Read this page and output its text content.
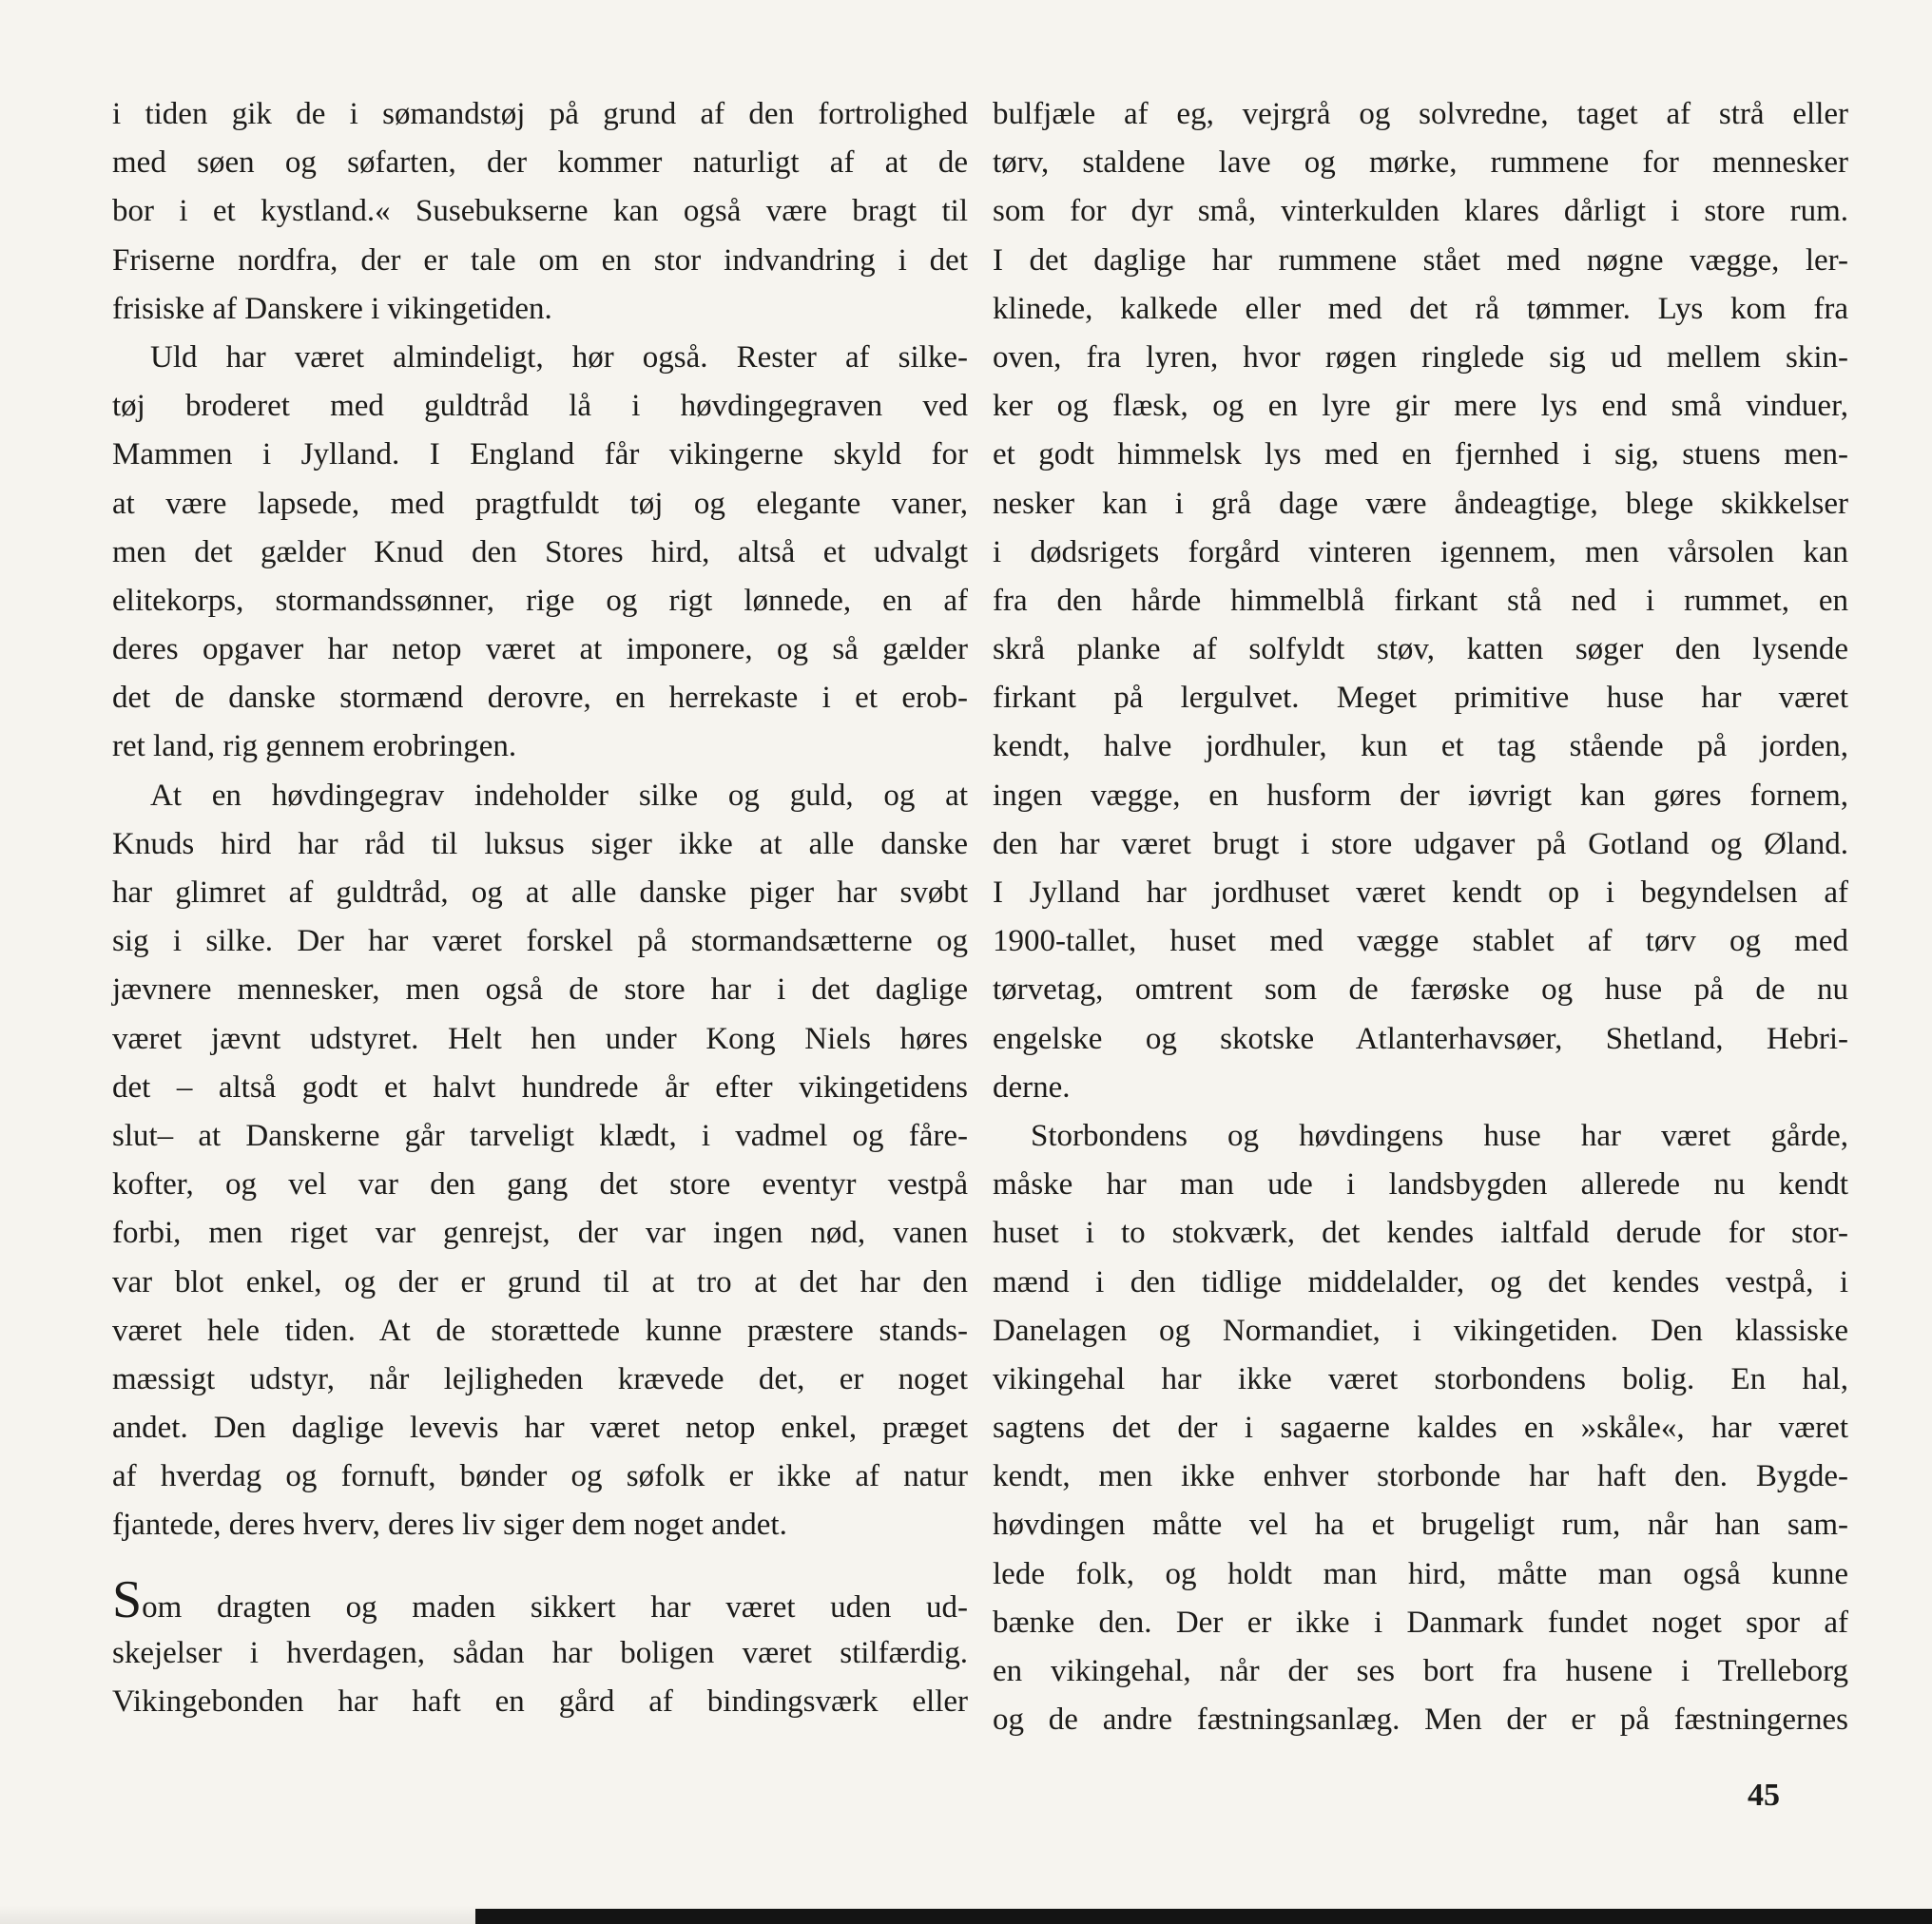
i tiden gik de i sømandstøj på grund af den fortrolighed
med søen og søfarten, der kommer naturligt af at de
bor i et kystland.« Susebukserne kan også være bragt til
Friserne nordfra, der er tale om en stor indvandring i det
frisiske af Danskere i vikingetiden.
Uld har været almindeligt, hør også. Rester af silke-
tøj broderet med guldtråd lå i høvdingegraven ved
Mammen i Jylland. I England får vikingerne skyld for
at være lapsede, med pragtfuldt tøj og elegante vaner,
men det gælder Knud den Stores hird, altså et udvalgt
elitekorps, stormandssønner, rige og rigt lønnede, en af
deres opgaver har netop været at imponere, og så gælder
det de danske stormænd derovre, en herrekaste i et erob-
ret land, rig gennem erobringen.
At en høvdingegrav indeholder silke og guld, og at
Knuds hird har råd til luksus siger ikke at alle danske
har glimret af guldtråd, og at alle danske piger har svøbt
sig i silke. Der har været forskel på stormandsætterne og
jævnere mennesker, men også de store har i det daglige
været jævnt udstyret. Helt hen under Kong Niels høres
det – altså godt et halvt hundrede år efter vikingetidens
slut– at Danskerne går tarveligt klædt, i vadmel og fåre-
kofter, og vel var den gang det store eventyr vestpå
forbi, men riget var genrejst, der var ingen nød, vanen
var blot enkel, og der er grund til at tro at det har den
været hele tiden. At de storættede kunne præstere stands-
mæssigt udstyr, når lejligheden krævede det, er noget
andet. Den daglige levevis har været netop enkel, præget
af hverdag og fornuft, bønder og søfolk er ikke af natur
fjantede, deres hverv, deres liv siger dem noget andet.
Som dragten og maden sikkert har været uden ud-
skejelser i hverdagen, sådan har boligen været stilfærdig.
Vikingebonden har haft en gård af bindingsværk eller
bulfjæle af eg, vejrgrå og solvredne, taget af strå eller
tørv, staldene lave og mørke, rummene for mennesker
som for dyr små, vinterkulden klares dårligt i store rum.
I det daglige har rummene stået med nøgne vægge, ler-
klinede, kalkede eller med det rå tømmer. Lys kom fra
oven, fra lyren, hvor røgen ringlede sig ud mellem skin-
ker og flæsk, og en lyre gir mere lys end små vinduer,
et godt himmelsk lys med en fjernhed i sig, stuens men-
nesker kan i grå dage være åndeagtige, blege skikkelser
i dødsrigets forgård vinteren igennem, men vårsolen kan
fra den hårde himmelblå firkant stå ned i rummet, en
skrå planke af solfyldt støv, katten søger den lysende
firkant på lergulvet. Meget primitive huse har været
kendt, halve jordhuler, kun et tag stående på jorden,
ingen vægge, en husform der iøvrigt kan gøres fornem,
den har været brugt i store udgaver på Gotland og Øland.
I Jylland har jordhuset været kendt op i begyndelsen af
1900-tallet, huset med vægge stablet af tørv og med
tørvetag, omtrent som de færøske og huse på de nu
engelske og skotske Atlanterhavsøer, Shetland, Hebri-
derne.
Storbondens og høvdingens huse har været gårde,
måske har man ude i landsbygden allerede nu kendt
huset i to stokværk, det kendes ialtfald derude for stor-
mænd i den tidlige middelalder, og det kendes vestpå, i
Danelagen og Normandiet, i vikingetiden. Den klassiske
vikingehal har ikke været storbondens bolig. En hal,
sagtens det der i sagaerne kaldes en »skåle«, har været
kendt, men ikke enhver storbonde har haft den. Bygde-
høvdingen måtte vel ha et brugeligt rum, når han sam-
lede folk, og holdt man hird, måtte man også kunne
bænke den. Der er ikke i Danmark fundet noget spor af
en vikingehal, når der ses bort fra husene i Trelleborg
og de andre fæstningsanlæg. Men der er på fæstningernes
45
